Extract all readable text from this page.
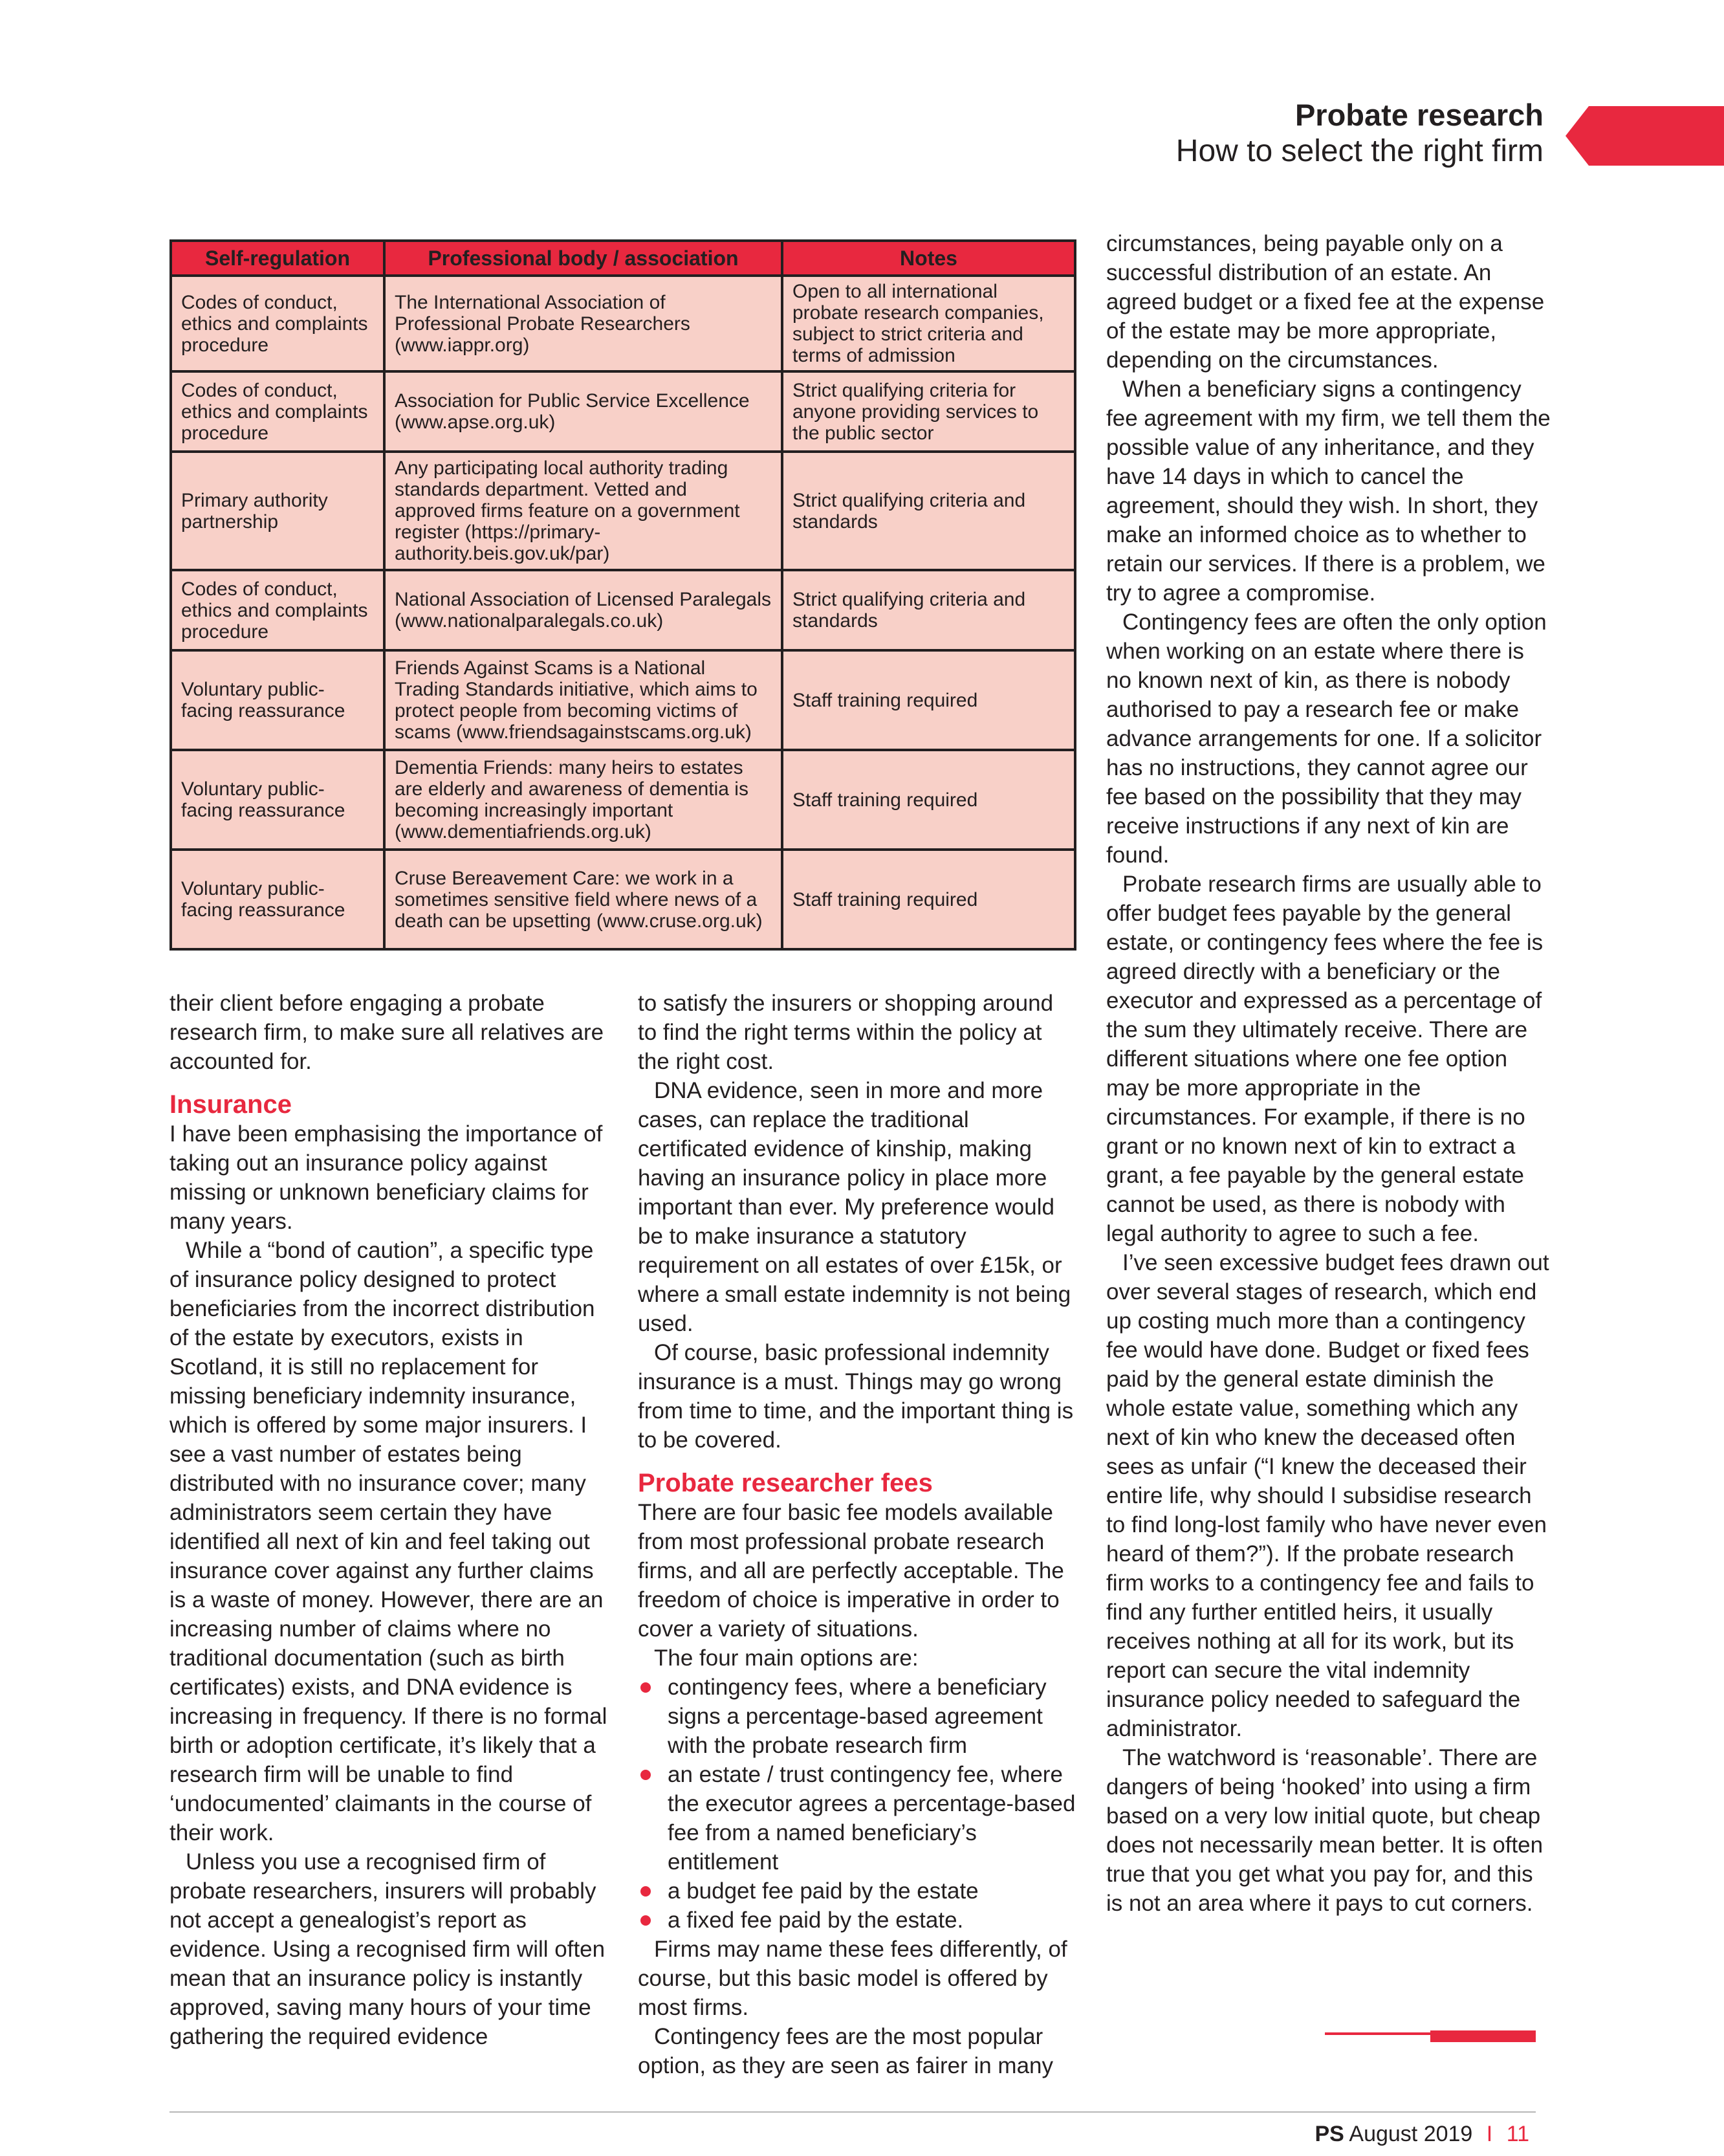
Probate research
How to select the right firm
Self-regulation	Professional body / association	Notes
Codes of conduct, ethics and complaints procedure	The International Association of Professional Probate Researchers (www.iappr.org)	Open to all international probate research companies, subject to strict criteria and terms of admission
Codes of conduct, ethics and complaints procedure	Association for Public Service Excellence (www.apse.org.uk)	Strict qualifying criteria for anyone providing services to the public sector
Primary authority partnership	Any participating local authority trading standards department. Vetted and approved firms feature on a government register (https://primary-authority.beis.gov.uk/par)	Strict qualifying criteria and standards
Codes of conduct, ethics and complaints procedure	National Association of Licensed Paralegals (www.nationalparalegals.co.uk)	Strict qualifying criteria and standards
Voluntary public-facing reassurance	Friends Against Scams is a National Trading Standards initiative, which aims to protect people from becoming victims of scams (www.friendsagainstscams.org.uk)	Staff training required
Voluntary public-facing reassurance	Dementia Friends: many heirs to estates are elderly and awareness of dementia is becoming increasingly important (www.dementiafriends.org.uk)	Staff training required
Voluntary public-facing reassurance	Cruse Bereavement Care: we work in a sometimes sensitive field where news of a death can be upsetting (www.cruse.org.uk)	Staff training required

their client before engaging a probate research firm, to make sure all relatives are accounted for.

Insurance

I have been emphasising the importance of taking out an insurance policy against missing or unknown beneficiary claims for many years.

While a “bond of caution”, a specific type of insurance policy designed to protect beneficiaries from the incorrect distribution of the estate by executors, exists in Scotland, it is still no replacement for missing beneficiary indemnity insurance, which is offered by some major insurers. I see a vast number of estates being distributed with no insurance cover; many administrators seem certain they have identified all next of kin and feel taking out insurance cover against any further claims is a waste of money. However, there are an increasing number of claims where no traditional documentation (such as birth certificates) exists, and DNA evidence is increasing in frequency. If there is no formal birth or adoption certificate, it’s likely that a research firm will be unable to find ‘undocumented’ claimants in the course of their work.

Unless you use a recognised firm of probate researchers, insurers will probably not accept a genealogist’s report as evidence. Using a recognised firm will often mean that an insurance policy is instantly approved, saving many hours of your time gathering the required evidence

to satisfy the insurers or shopping around to find the right terms within the policy at the right cost.

DNA evidence, seen in more and more cases, can replace the traditional certificated evidence of kinship, making having an insurance policy in place more important than ever. My preference would be to make insurance a statutory requirement on all estates of over £15k, or where a small estate indemnity is not being used.

Of course, basic professional indemnity insurance is a must. Things may go wrong from time to time, and the important thing is to be covered.

Probate researcher fees

There are four basic fee models available from most professional probate research firms, and all are perfectly acceptable. The freedom of choice is imperative in order to cover a variety of situations.

The four main options are:

contingency fees, where a beneficiary signs a percentage-based agreement with the probate research firm
an estate / trust contingency fee, where the executor agrees a percentage-based fee from a named beneficiary’s entitlement
a budget fee paid by the estate
a fixed fee paid by the estate.

Firms may name these fees differently, of course, but this basic model is offered by most firms.

Contingency fees are the most popular option, as they are seen as fairer in many

circumstances, being payable only on a successful distribution of an estate. An agreed budget or a fixed fee at the expense of the estate may be more appropriate, depending on the circumstances.

When a beneficiary signs a contingency fee agreement with my firm, we tell them the possible value of any inheritance, and they have 14 days in which to cancel the agreement, should they wish. In short, they make an informed choice as to whether to retain our services. If there is a problem, we try to agree a compromise.

Contingency fees are often the only option when working on an estate where there is no known next of kin, as there is nobody authorised to pay a research fee or make advance arrangements for one. If a solicitor has no instructions, they cannot agree our fee based on the possibility that they may receive instructions if any next of kin are found.

Probate research firms are usually able to offer budget fees payable by the general estate, or contingency fees where the fee is agreed directly with a beneficiary or the executor and expressed as a percentage of the sum they ultimately receive. There are different situations where one fee option may be more appropriate in the circumstances. For example, if there is no grant or no known next of kin to extract a grant, a fee payable by the general estate cannot be used, as there is nobody with legal authority to agree to such a fee.

I’ve seen excessive budget fees drawn out over several stages of research, which end up costing much more than a contingency fee would have done. Budget or fixed fees paid by the general estate diminish the whole estate value, something which any next of kin who knew the deceased often sees as unfair (“I knew the deceased their entire life, why should I subsidise research to find long-lost family who have never even heard of them?”). If the probate research firm works to a contingency fee and fails to find any further entitled heirs, it usually receives nothing at all for its work, but its report can secure the vital indemnity insurance policy needed to safeguard the administrator.

The watchword is ‘reasonable’. There are dangers of being ‘hooked’ into using a firm based on a very low initial quote, but cheap does not necessarily mean better. It is often true that you get what you pay for, and this is not an area where it pays to cut corners.

PS August 2019 I 11
